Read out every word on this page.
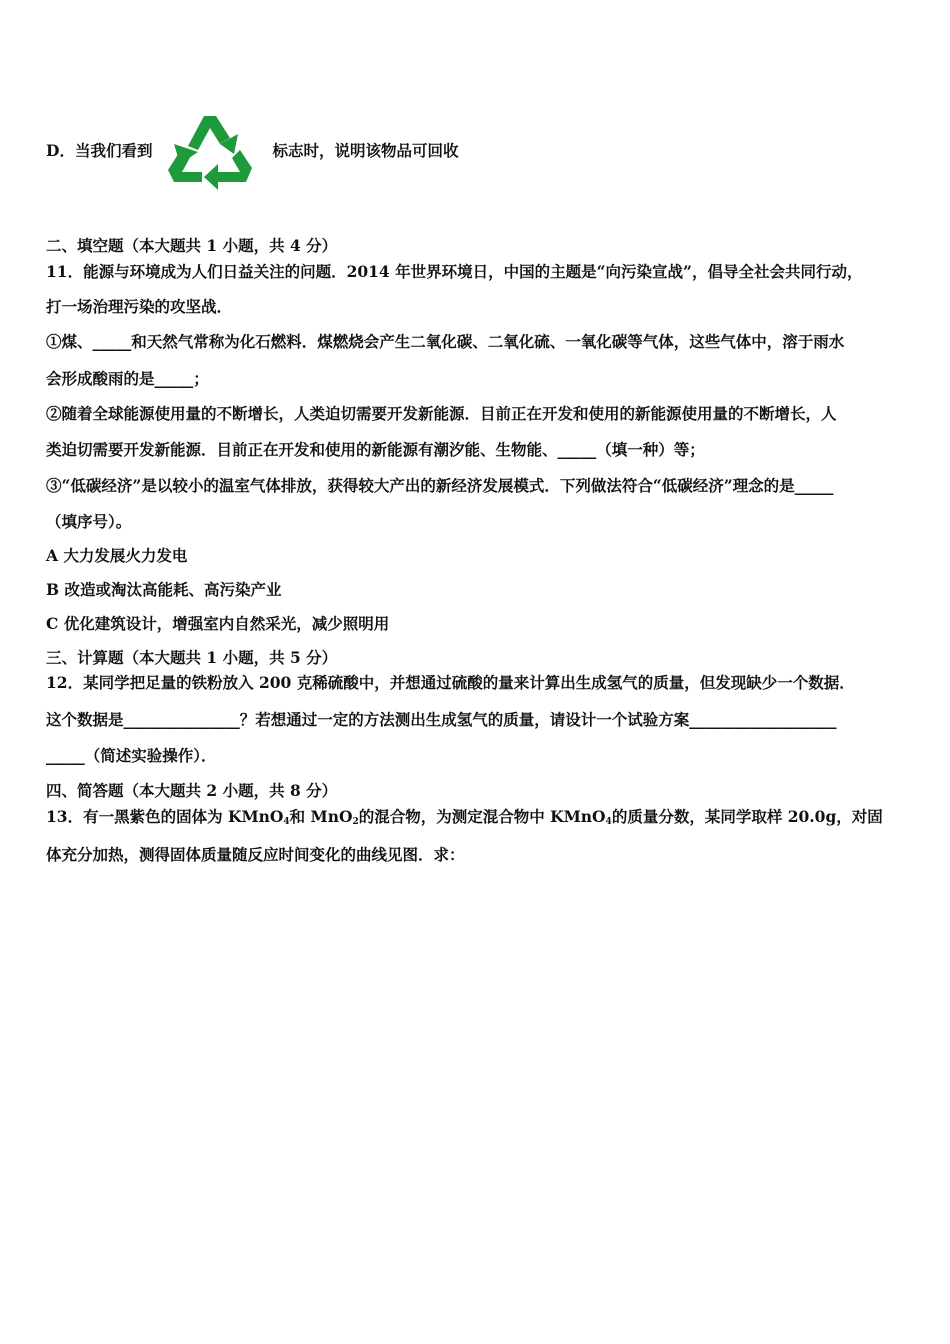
D．当我们看到	标志时，说明该物品可回收
二、填空题（本大题共 1 小题，共 4 分）
11．能源与环境成为人们日益关注的问题．2014 年世界环境日，中国的主题是“向污染宣战”，倡导全社会共同行动，
打一场治理污染的攻坚战．
①煤、_____和天然气常称为化石燃料．煤燃烧会产生二氧化碳、二氧化硫、一氧化碳等气体，这些气体中，溶于雨水
会形成酸雨的是_____；
②随着全球能源使用量的不断增长，人类迫切需要开发新能源．目前正在开发和使用的新能源使用量的不断增长，人
类迫切需要开发新能源．目前正在开发和使用的新能源有潮汐能、生物能、_____（填一种）等；
③“低碳经济”是以较小的温室气体排放，获得较大产出的新经济发展模式．下列做法符合“低碳经济”理念的是_____
（填序号）。
A 大力发展火力发电
B 改造或淘汰高能耗、高污染产业
C 优化建筑设计，增强室内自然采光，减少照明用
三、计算题（本大题共 1 小题，共 5 分）
12．某同学把足量的铁粉放入 200 克稀硫酸中，并想通过硫酸的量来计算出生成氢气的质量，但发现缺少一个数据．
这个数据是_______________？若想通过一定的方法测出生成氢气的质量，请设计一个试验方案___________________
_____（简述实验操作）．
四、简答题（本大题共 2 小题，共 8 分）
13．有一黑紫色的固体为 KMnO$_4$和 MnO$_2$的混合物，为测定混合物中 KMnO$_4$的质量分数，某同学取样 20.0g，对固
体充分加热，测得固体质量随反应时间变化的曲线见图．求：
